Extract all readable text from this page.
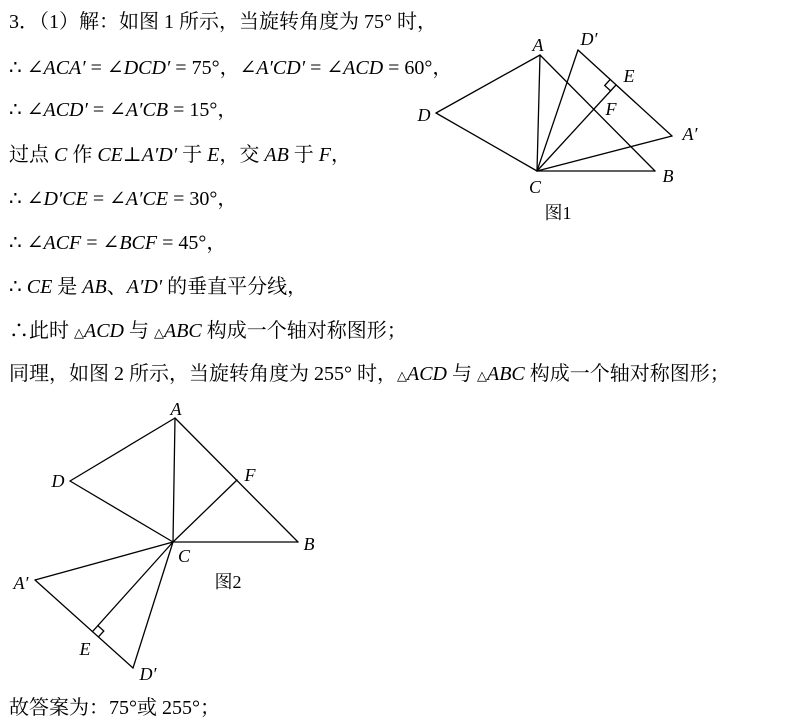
A D′
E
F
A′
D
C
B
图1
A
D	F
C
B
A′
E
D′
图2
3．（1）解：如图 1 所示，当旋转角度为 75° 时，
∴ ∠ACA′ = ∠DCD′ = 75°，∠A′CD′ = ∠ACD = 60°，
∴ ∠ACD′ = ∠A′CB = 15°，
过点 C 作 CE⊥A′D′ 于 E，交 AB 于 F，
∴ ∠D′CE = ∠A′CE = 30°，
∴ ∠ACF = ∠BCF = 45°，
∴ CE 是 AB、A′D′ 的垂直平分线，
∴此时 △ACD 与 △ABC 构成一个轴对称图形；
同理，如图 2 所示，当旋转角度为 255° 时，△ACD 与 △ABC 构成一个轴对称图形；
故答案为：75°或 255°；
